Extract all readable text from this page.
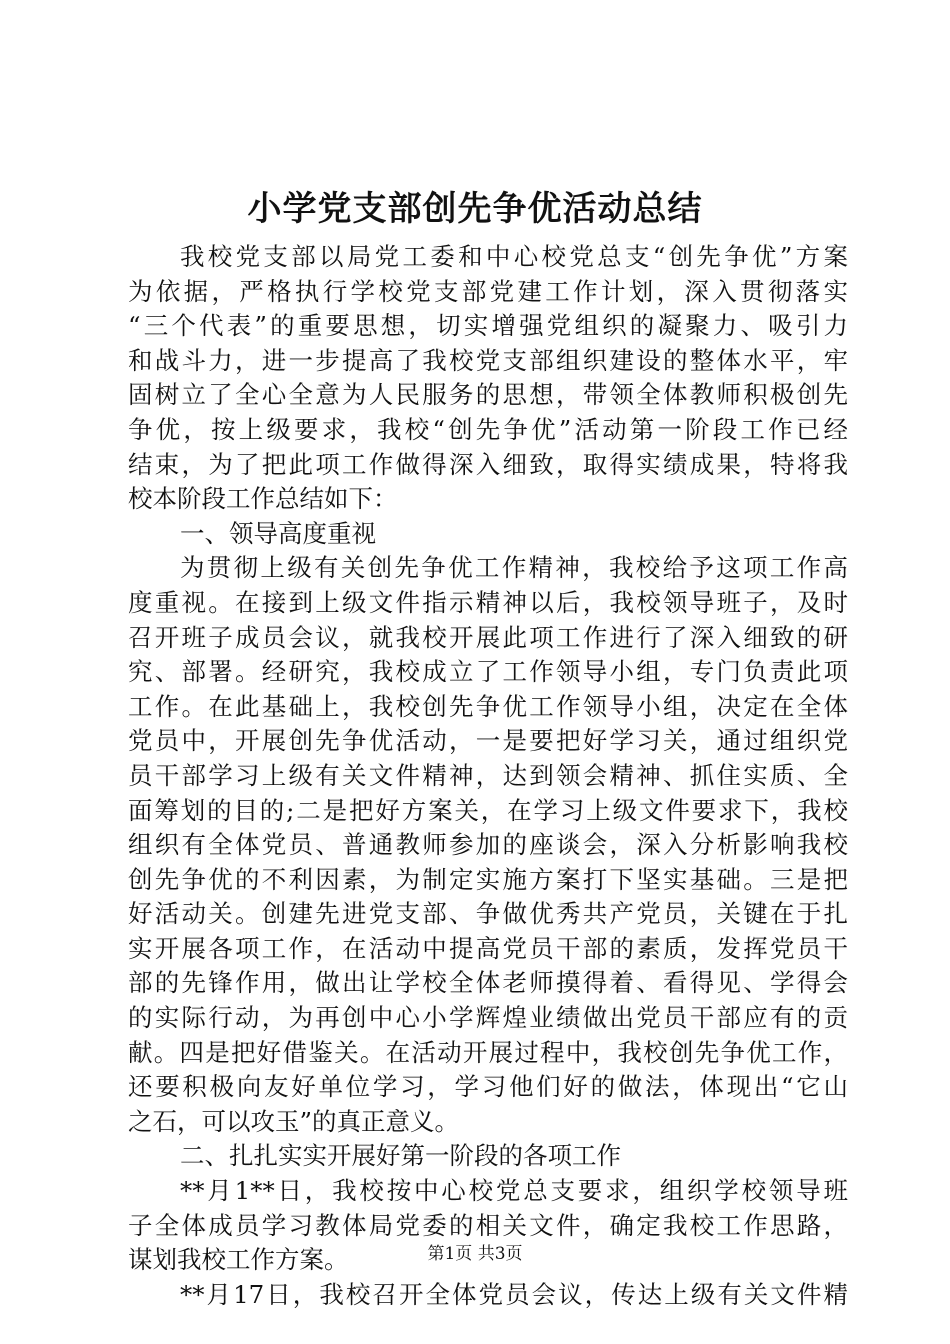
小学党支部创先争优活动总结
我校党支部以局党工委和中心校党总支“创先争优”方案
为依据，严格执行学校党支部党建工作计划，深入贯彻落实
“三个代表”的重要思想，切实增强党组织的凝聚力、吸引力
和战斗力，进一步提高了我校党支部组织建设的整体水平，牢
固树立了全心全意为人民服务的思想，带领全体教师积极创先
争优，按上级要求，我校“创先争优”活动第一阶段工作已经
结束，为了把此项工作做得深入细致，取得实绩成果，特将我
校本阶段工作总结如下：
一、领导高度重视
为贯彻上级有关创先争优工作精神，我校给予这项工作高
度重视。在接到上级文件指示精神以后，我校领导班子，及时
召开班子成员会议，就我校开展此项工作进行了深入细致的研
究、部署。经研究，我校成立了工作领导小组，专门负责此项
工作。在此基础上，我校创先争优工作领导小组，决定在全体
党员中，开展创先争优活动，一是要把好学习关，通过组织党
员干部学习上级有关文件精神，达到领会精神、抓住实质、全
面筹划的目的;二是把好方案关，在学习上级文件要求下，我校
组织有全体党员、普通教师参加的座谈会，深入分析影响我校
创先争优的不利因素，为制定实施方案打下坚实基础。三是把
好活动关。创建先进党支部、争做优秀共产党员，关键在于扎
实开展各项工作，在活动中提高党员干部的素质，发挥党员干
部的先锋作用，做出让学校全体老师摸得着、看得见、学得会
的实际行动，为再创中心小学辉煌业绩做出党员干部应有的贡
献。四是把好借鉴关。在活动开展过程中，我校创先争优工作，
还要积极向友好单位学习，学习他们好的做法，体现出“它山
之石，可以攻玉”的真正意义。
二、扎扎实实开展好第一阶段的各项工作
**月1**日，我校按中心校党总支要求，组织学校领导班
子全体成员学习教体局党委的相关文件，确定我校工作思路，
谋划我校工作方案。
**月17日，我校召开全体党员会议，传达上级有关文件精
第1页 共3页
